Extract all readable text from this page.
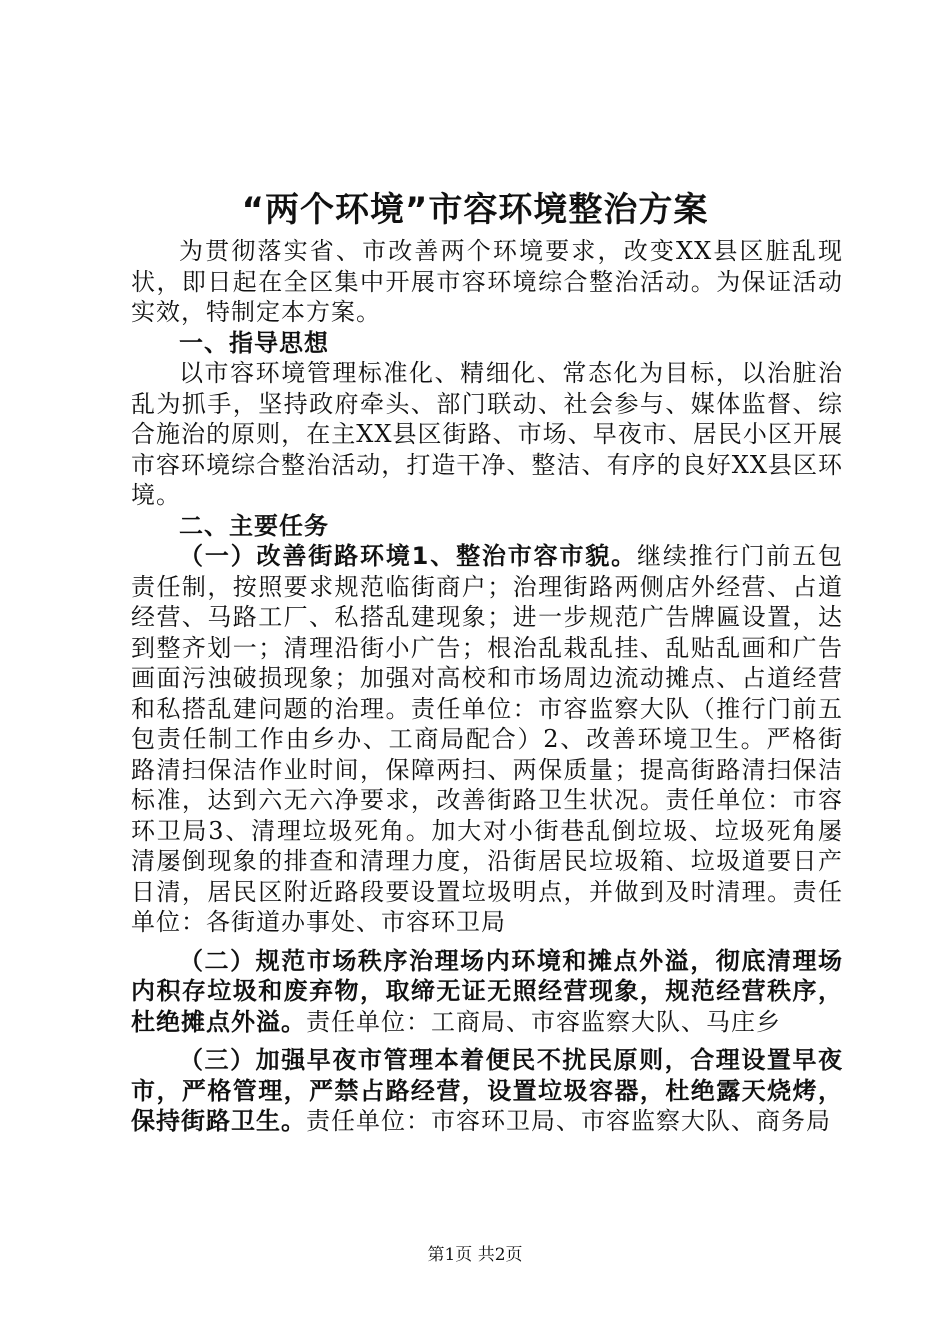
“两个环境”市容环境整治方案

为贯彻落实省、市改善两个环境要求，改变XX县区脏乱现状，即日起在全区集中开展市容环境综合整治活动。为保证活动实效，特制定本方案。

一、指导思想

以市容环境管理标准化、精细化、常态化为目标，以治脏治乱为抓手，坚持政府牵头、部门联动、社会参与、媒体监督、综合施治的原则，在主XX县区街路、市场、早夜市、居民小区开展市容环境综合整治活动，打造干净、整洁、有序的良好XX县区环境。

二、主要任务

（一）改善街路环境1、整治市容市貌。继续推行门前五包责任制，按照要求规范临街商户；治理街路两侧店外经营、占道经营、马路工厂、私搭乱建现象；进一步规范广告牌匾设置，达到整齐划一；清理沿街小广告；根治乱栽乱挂、乱贴乱画和广告画面污浊破损现象；加强对高校和市场周边流动摊点、占道经营和私搭乱建问题的治理。责任单位：市容监察大队（推行门前五包责任制工作由乡办、工商局配合）2、改善环境卫生。严格街路清扫保洁作业时间，保障两扫、两保质量；提高街路清扫保洁标准，达到六无六净要求，改善街路卫生状况。责任单位：市容环卫局3、清理垃圾死角。加大对小街巷乱倒垃圾、垃圾死角屡清屡倒现象的排查和清理力度，沿街居民垃圾箱、垃圾道要日产日清，居民区附近路段要设置垃圾明点，并做到及时清理。责任单位：各街道办事处、市容环卫局

（二）规范市场秩序治理场内环境和摊点外溢，彻底清理场内积存垃圾和废弃物，取缔无证无照经营现象，规范经营秩序，杜绝摊点外溢。责任单位：工商局、市容监察大队、马庄乡

（三）加强早夜市管理本着便民不扰民原则，合理设置早夜市，严格管理，严禁占路经营，设置垃圾容器，杜绝露天烧烤，保持街路卫生。责任单位：市容环卫局、市容监察大队、商务局

第1页 共2页
